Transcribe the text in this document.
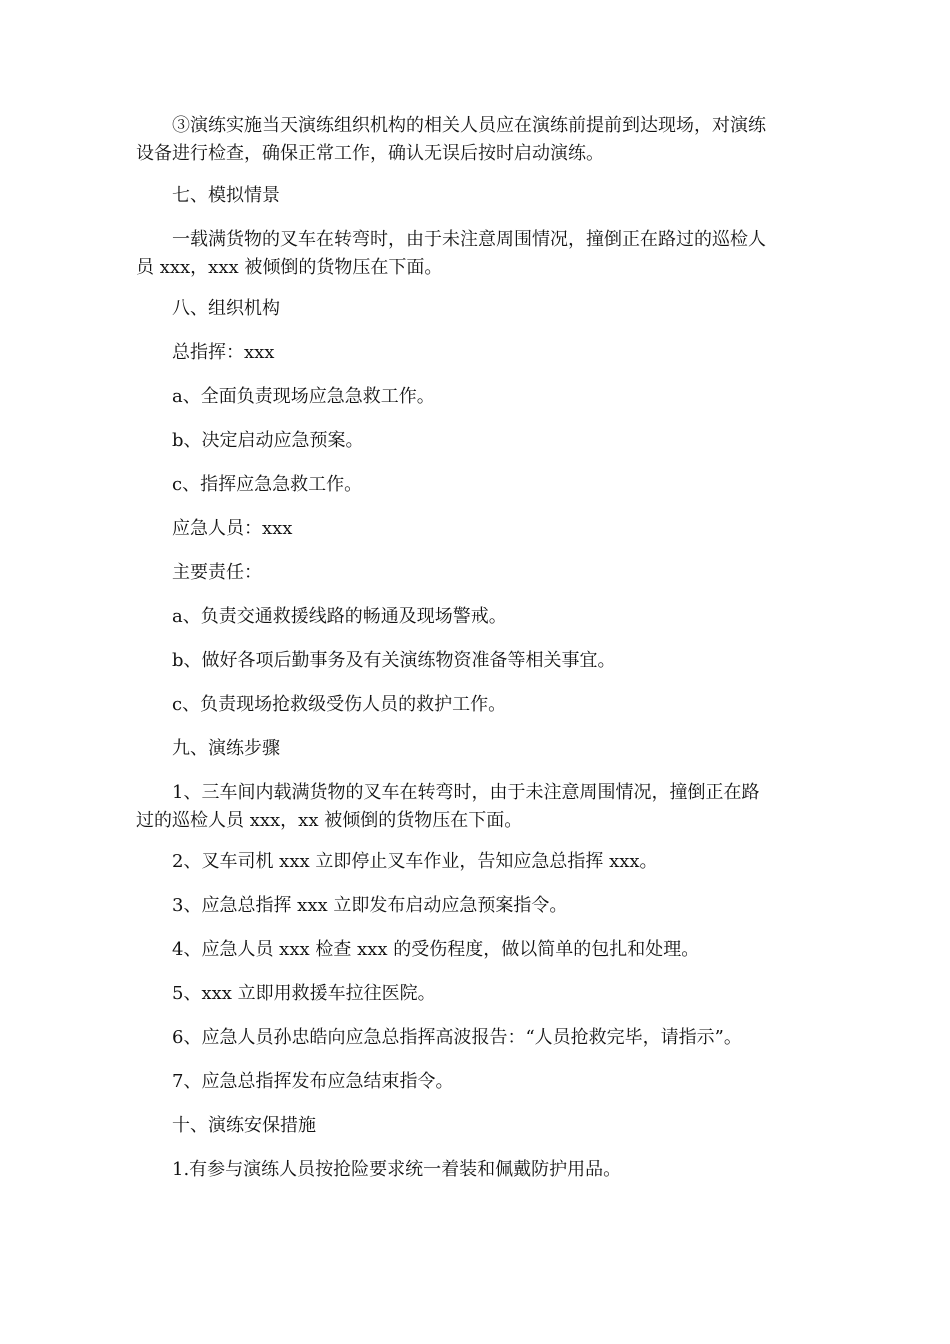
　　③演练实施当天演练组织机构的相关人员应在演练前提前到达现场，对演练
设备进行检查，确保正常工作，确认无误后按时启动演练。
　　七、模拟情景
　　一载满货物的叉车在转弯时，由于未注意周围情况，撞倒正在路过的巡检人
员 xxx，xxx 被倾倒的货物压在下面。
　　八、组织机构
　　总指挥：xxx
　　a、全面负责现场应急急救工作。
　　b、决定启动应急预案。
　　c、指挥应急急救工作。
　　应急人员：xxx
　　主要责任：
　　a、负责交通救援线路的畅通及现场警戒。
　　b、做好各项后勤事务及有关演练物资准备等相关事宜。
　　c、负责现场抢救级受伤人员的救护工作。
　　九、演练步骤
　　1、三车间内载满货物的叉车在转弯时，由于未注意周围情况，撞倒正在路
过的巡检人员 xxx，xx 被倾倒的货物压在下面。
　　2、叉车司机 xxx 立即停止叉车作业，告知应急总指挥 xxx。
　　3、应急总指挥 xxx 立即发布启动应急预案指令。
　　4、应急人员 xxx 检查 xxx 的受伤程度，做以简单的包扎和处理。
　　5、xxx 立即用救援车拉往医院。
　　6、应急人员孙忠皓向应急总指挥高波报告：“人员抢救完毕，请指示”。
　　7、应急总指挥发布应急结束指令。
　　十、演练安保措施
　　1.有参与演练人员按抢险要求统一着装和佩戴防护用品。
